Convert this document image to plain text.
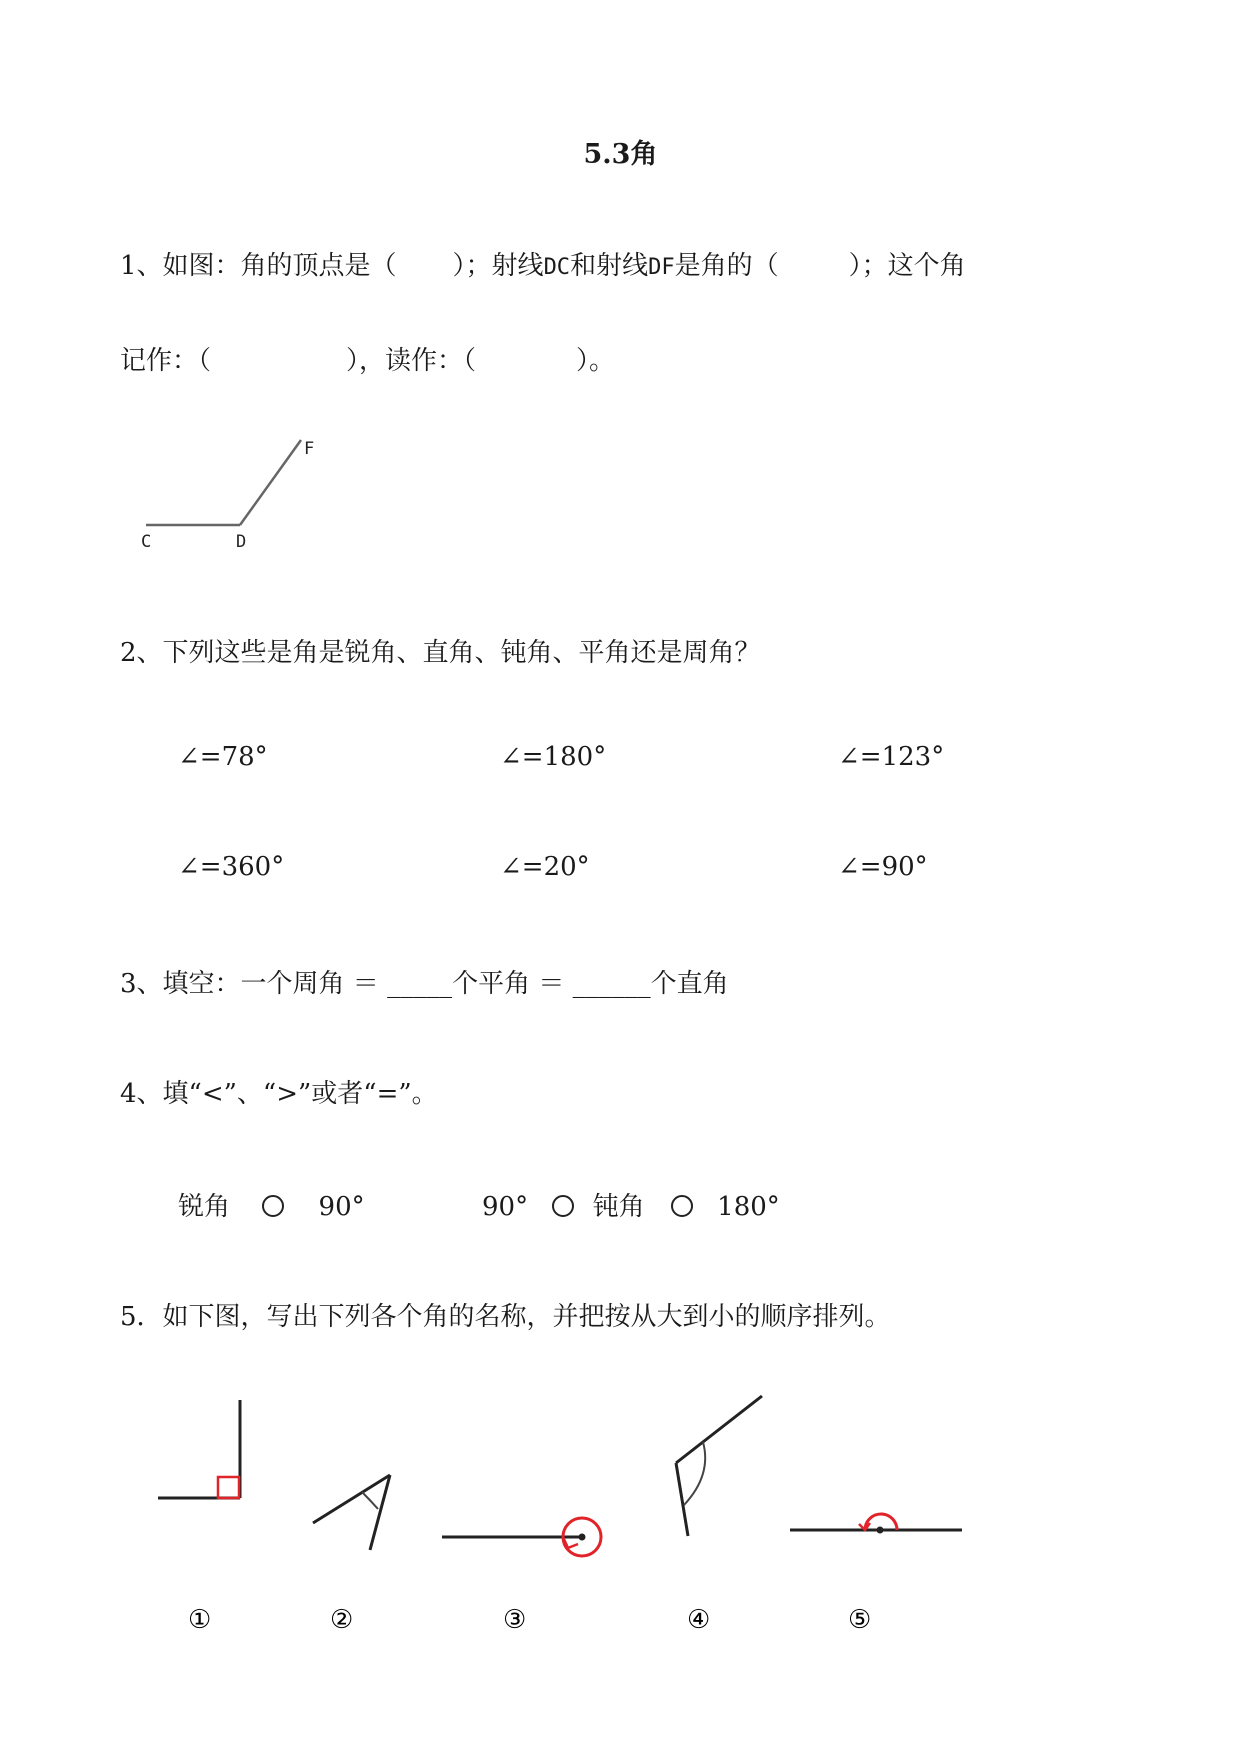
5.3角
1、如图：角的顶点是（ ）；射线DC和射线DF是角的（	）；这个角
记作：（	），读作：（	）。
C	D
F
2、下列这些是角是锐角、直角、钝角、平角还是周角？
∠=78°	∠=180°	∠=123°
∠=360°	∠=20°	∠=90°
3、填空：一个周角 ＝ _____个平角 ＝ ______个直角
4、填“<”、“>”或者“=”。
锐角	90°	90° 钝角	180°
5．如下图，写出下列各个角的名称，并把按从大到小的顺序排列。
①	②	③	④	⑤
